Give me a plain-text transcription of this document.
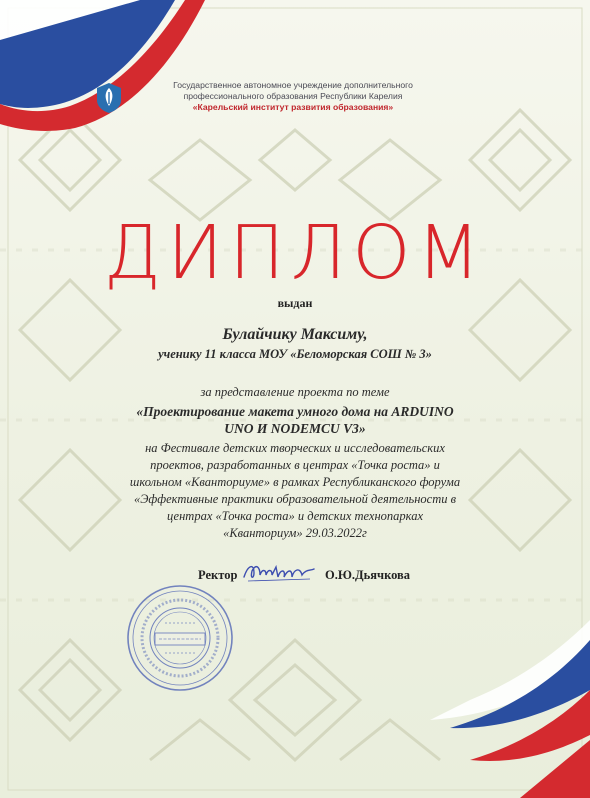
Государственное автономное учреждение дополнительного
профессионального образования Республики Карелия
«Карельский институт развития образования»
ДИПЛОМ
выдан
Булайчику Максиму,
ученику 11 класса МОУ «Беломорская СОШ № 3»
за представление проекта по теме
«Проектирование макета умного дома на ARDUINO
UNO И NODEMCU V3»
на Фестивале детских творческих и исследовательских
проектов, разработанных в центрах «Точка роста» и
школьном «Кванториуме» в рамках Республиканского форума
«Эффективные практики образовательной деятельности в
центрах «Точка роста» и детских технопарках
«Кванториум» 29.03.2022г
Ректор	О.Ю.Дьячкова
